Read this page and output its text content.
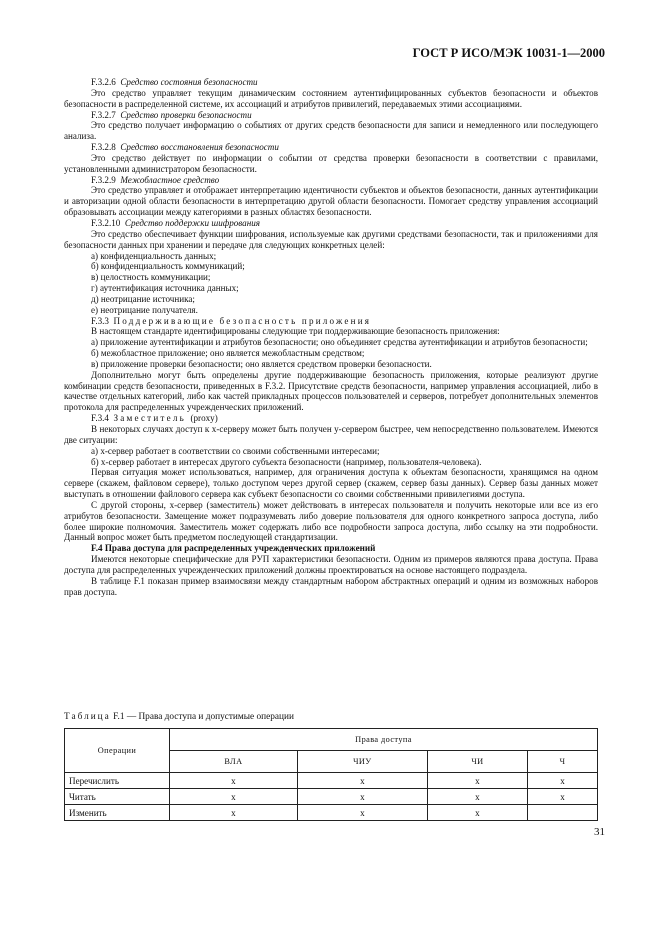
ГОСТ Р ИСО/МЭК 10031-1—2000

F.3.2.6 Средство состояния безопасности

Это средство управляет текущим динамическим состоянием аутентифицированных субъектов безопасности и объектов безопасности в распределенной системе, их ассоциаций и атрибутов привилегий, передаваемых этими ассоциациями.

F.3.2.7 Средство проверки безопасности

Это средство получает информацию о событиях от других средств безопасности для записи и немедленного или последующего анализа.

F.3.2.8 Средство восстановления безопасности

Это средство действует по информации о событии от средства проверки безопасности в соответствии с правилами, установленными администратором безопасности.

F.3.2.9 Межобластное средство

Это средство управляет и отображает интерпретацию идентичности субъектов и объектов безопасности, данных аутентификации и авторизации одной области безопасности в интерпретацию другой области безопасности. Помогает средству управления ассоциаций образовывать ассоциации между категориями в разных областях безопасности.

F.3.2.10 Средство поддержки шифрования

Это средство обеспечивает функции шифрования, используемые как другими средствами безопасности, так и приложениями для безопасности данных при хранении и передаче для следующих конкретных целей:

а) конфиденциальность данных;

б) конфиденциальность коммуникаций;

в) целостность коммуникации;

г) аутентификация источника данных;

д) неотрицание источника;

е) неотрицание получателя.

F.3.3 Поддерживающие безопасность приложения

В настоящем стандарте идентифицированы следующие три поддерживающие безопасность приложения:

а) приложение аутентификации и атрибутов безопасности; оно объединяет средства аутентификации и атрибутов безопасности;

б) межобластное приложение; оно является межобластным средством;

в) приложение проверки безопасности; оно является средством проверки безопасности.

Дополнительно могут быть определены другие поддерживающие безопасность приложения, которые реализуют другие комбинации средств безопасности, приведенных в F.3.2. Присутствие средств безопасности, например управления ассоциацией, либо в качестве отдельных категорий, либо как частей прикладных процессов пользователей и серверов, потребует дополнительных элементов протокола для распределенных учрежденческих приложений.

F.3.4 Заместитель (proxy)

В некоторых случаях доступ к x-серверу может быть получен y-сервером быстрее, чем непосредственно пользователем. Имеются две ситуации:

а) x-сервер работает в соответствии со своими собственными интересами;

б) x-сервер работает в интересах другого субъекта безопасности (например, пользователя-человека).

Первая ситуация может использоваться, например, для ограничения доступа к объектам безопасности, хранящимся на одном сервере (скажем, файловом сервере), только доступом через другой сервер (скажем, сервер базы данных). Сервер базы данных может выступать в отношении файлового сервера как субъект безопасности со своими собственными привилегиями доступа.

С другой стороны, x-сервер (заместитель) может действовать в интересах пользователя и получить некоторые или все из его атрибутов безопасности. Замещение может подразумевать либо доверие пользователя для одного конкретного запроса доступа, либо более широкие полномочия. Заместитель может содержать либо все подробности запроса доступа, либо ссылку на эти подробности. Данный вопрос может быть предметом последующей стандартизации.

F.4 Права доступа для распределенных учрежденческих приложений

Имеются некоторые специфические для РУП характеристики безопасности. Одним из примеров являются права доступа. Права доступа для распределенных учрежденческих приложений должны проектироваться на основе настоящего подраздела.

В таблице F.1 показан пример взаимосвязи между стандартным набором абстрактных операций и одним из возможных наборов прав доступа.

Таблица F.1 — Права доступа и допустимые операции
Операции	Права доступа			
	ВЛА	ЧИУ	ЧИ	Ч
Перечислить	x	x	x	x
Читать	x	x	x	x
Изменить	x	x	x	
31
